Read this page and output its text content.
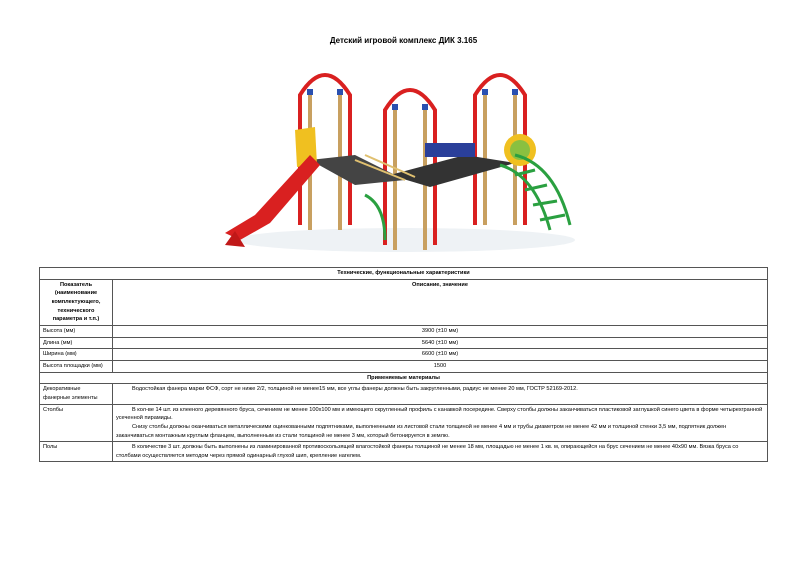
Детский игровой комплекс ДИК 3.165
Технические, функциональные характеристики	
Показатель (наименование комплектующего, технического параметра и т.п.)	Описание, значение
Высота (мм)	3900 (±10 мм)
Длина (мм)	5640 (±10 мм)
Ширина (мм)	6600 (±10 мм)
Высота площадки (мм)	1500
Применяемые материалы	
Декоративные фанерные элементы	Водостойкая фанера марки ФСФ, сорт не ниже 2/2, толщиной не менее15 мм, все углы фанеры должны быть закругленными, радиус не менее 20 мм, ГОСТР 52169-2012.

Столбы	В кол-ве 14 шт. из клееного деревянного бруса, сечением не менее 100х100 мм и имеющего скругленный профиль с канавкой посередине. Сверху столбы должны заканчиваться пластиковой заглушкой синего цвета в форме четырехгранной усеченной пирамиды.

Снизу столбы должны оканчиваться металлическими оцинкованными подпятниками, выполненными из листовой стали толщиной не менее 4 мм и трубы диаметром не менее 42 мм и толщиной стенки 3,5 мм, подпятник должен заканчиваться монтажным круглым фланцем, выполненным из стали толщиной не менее 3 мм, который бетонируется в землю.

Полы	В количестве 3 шт. должны быть выполнены из ламинированной противоскользящей влагостойкой фанеры толщиной не менее 18 мм, площадью не менее 1 кв. м, опирающейся на брус сечением не менее 40х90 мм. Вязка бруса со столбами осуществляется методом через прямой одинарный глухой шип, крепление нагелем.
